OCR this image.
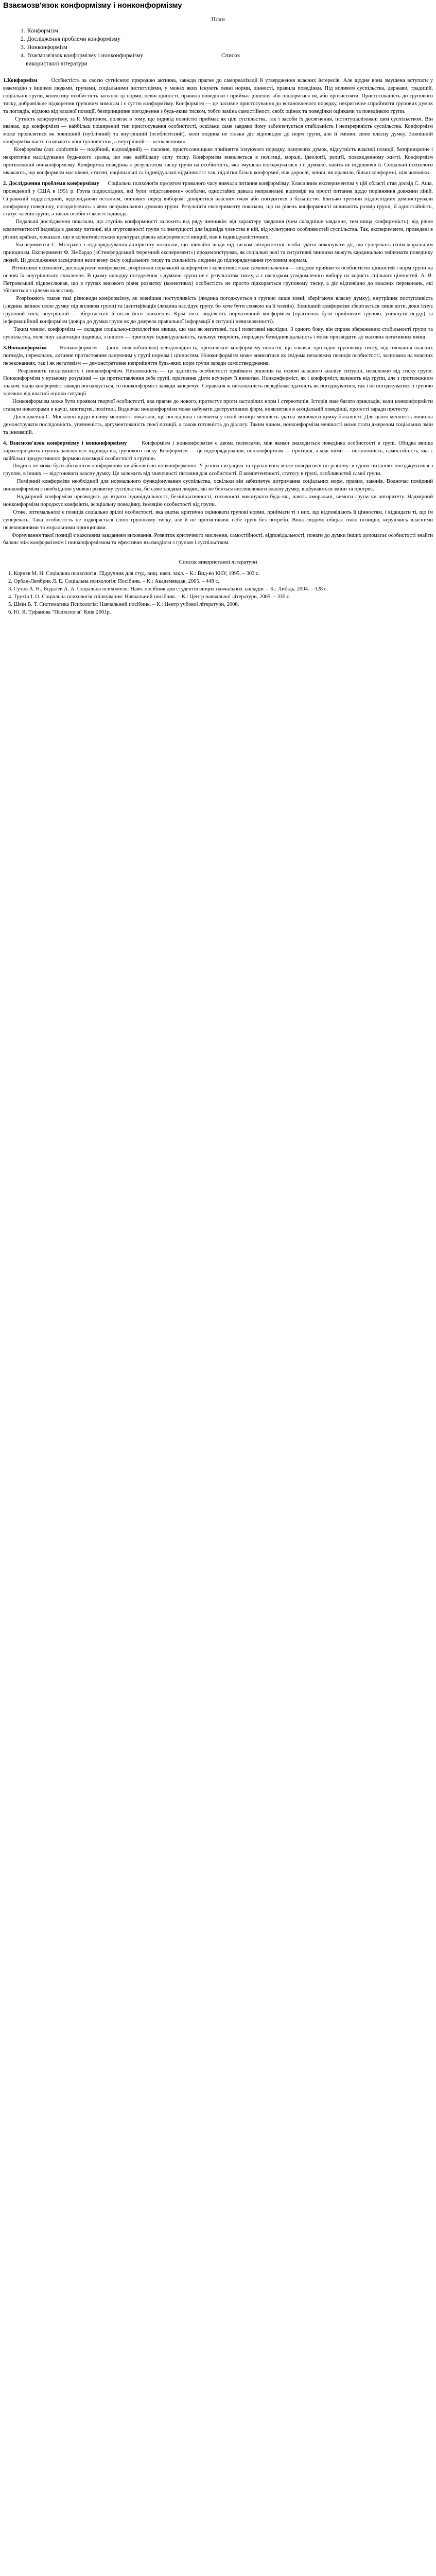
Взаємозв'язок конформізму і нонконформізму
План
1. Конформізм
2. Дослідження проблеми конформізму
3. Нонконформізм
4. Взаємозв'язок конформізму і нонконформізму	Список
використаної літератури

1.Конформізм	Особистість за своєю сутнісною природою активна, завжди прагне до самореалізації й утвердження власних інтересів. Але щодня вона змушена вступати у взаємодію з іншими людьми, групами, соціальними інституціями, у межах яких існують певні норми, цінності, правила поведінки. Під впливом суспільства, держави, традицій, соціальної групи, колективу особистість засвоює ці норми, певні цінності, правила поведінки і приймає рішення або підкорятися їм, або протистояти. Пристосованість до групового тиску, добровільне підкорення груповим вимогам і є суттю конформізму. Конформізм — це пасивне пристосування до встановленого порядку, некритичне сприйняття групових думок та поглядів, відмова від власної позиції, безпринципне погодження з будь-яким тиском, тобто заміна самостійності своїх оцінок та поведінки оцінками та поведінкою групи.

Сутність конформізму, за Р. Мертоном, полягає в тому, що індивід повністю приймає як цілі суспільства, так і засоби їх досягнення, інституціалізовані цим суспільством. Він вважає, що конформізм — найбільш поширений тип пристосування особистості, оскільки саме завдяки йому забезпечується стабільність і неперервність суспільства. Конформізм може проявлятися як зовнішній (публічний) та внутрішній (особистісний), коли людина не тільки діє відповідно до норм групи, але й змінює свою власну думку. Зовнішній конформізм часто називають «поступливістю», а внутрішній — «схваленням».

Конформізм (лат. conformis — подібний, відповідний) — пасивне, пристосовницьке прийняття існуючого порядку, пануючих думок, відсутність власної позиції, безпринципне і некритичне наслідування будь-якого зразка, що має найбільшу силу тиску. Конформізм виявляється в політиці, моралі, ідеології, релігії, повсякденному житті. Конформізм протилежний нонконформізму. Конформна поведінка є результатом тиску групи на особистість, яка змушена погоджуватися з її думкою, навіть не поділяючи її. Соціальні психологи вважають, що конформізм має вікові, статеві, національні та індивідуальні відмінності: так, підлітки більш конформні, ніж дорослі; жінки, як правило, більш конформні, ніж чоловіки.

2. Дослідження проблеми конформізму Соціальна психологія протягом тривалого часу вивчала питання конформізму. Класичним експериментом у цій області став досвід С. Аша, проведений у США в 1951 р. Група піддослідних, які були «підставними» особами, одностайно давала неправильні відповіді на прості питання щодо порівняння довжини ліній. Справжній піддослідний, відповідаючи останнім, опинявся перед вибором: довіритися власним очам або погодитися з більшістю. Близько третини піддослідних демонстрували конформну поведінку, погоджуючись з явно неправильною думкою групи. Результати експерименту показали, що на рівень конформності впливають розмір групи, її одностайність, статус членів групи, а також особисті якості індивіда.

Подальші дослідження показали, що ступінь конформності залежить від ряду чинників: від характеру завдання (чим складніше завдання, тим вища конформність), від рівня компетентності індивіда в даному питанні, від згуртованості групи та значущості для індивіда членства в ній, від культурних особливостей суспільства. Так, експерименти, проведені в різних країнах, показали, що в колективістських культурах рівень конформності вищий, ніж в індивідуалістичних.

Експерименти С. Мілграма з підпорядкування авторитету показали, що звичайні люди під тиском авторитетної особи здатні виконувати дії, що суперечать їхнім моральним принципам. Експеримент Ф. Зімбардо («Стенфордський тюремний експеримент») продемонстрував, як соціальні ролі та ситуативні чинники можуть кардинально змінювати поведінку людей. Ці дослідження засвідчили величезну силу соціального тиску та схильність людини до підпорядкування груповим нормам.

Вітчизняні психологи, досліджуючи конформізм, розрізняли справжній конформізм і колективістське самовизначення — свідоме прийняття особистістю цінностей і норм групи на основі їх внутрішнього схвалення. В цьому випадку погодження з думкою групи не є результатом тиску, а є наслідком усвідомленого вибору на користь спільних цінностей. А. В. Петровський підкреслював, що в групах високого рівня розвитку (колективах) особистість не просто підкоряється груповому тиску, а діє відповідно до власних переконань, які збігаються з цілями колективу.

Розрізняють також такі різновиди конформізму, як зовнішня поступливість (людина погоджується з групою лише зовні, зберігаючи власну думку), внутрішня поступливість (людина змінює свою думку під впливом групи) та ідентифікація (людина наслідує групу, бо хоче бути схожою на її членів). Зовнішній конформізм зберігається лише доти, доки існує груповий тиск; внутрішній — зберігається й після його зникнення. Крім того, виділяють нормативний конформізм (прагнення бути прийнятим групою, уникнути осуду) та інформаційний конформізм (довіра до думки групи як до джерела правильної інформації в ситуації невизначеності).

Таким чином, конформізм — складне соціально-психологічне явище, що має як негативні, так і позитивні наслідки. З одного боку, він сприяє збереженню стабільності групи та суспільства, полегшує адаптацію індивіда, з іншого — пригнічує індивідуальність, гальмує творчість, породжує безвідповідальність і може призводити до масових негативних явищ.

3.Нонконформізм Нонконформізм — (англ. nonconformism) невідповідність, протилежне конформізму поняття, що означає протидію груповому тиску, відстоювання власних поглядів, переконань, активне протистояння пануючим у групі нормам і цінностям. Нонконформізм може виявлятися як свідома незалежна позиція особистості, заснована на власних переконаннях, так і як негативізм — демонстративне неприйняття будь-яких норм групи заради самоствердження.

Розрізняють незалежність і нонконформізм. Незалежність — це здатність особистості приймати рішення на основі власного аналізу ситуації, незалежно від тиску групи. Нонконформізм у вузькому розумінні — це протиставлення себе групі, прагнення діяти всупереч її вимогам. Нонконформіст, як і конформіст, залежить від групи, але з протилежним знаком: якщо конформіст завжди погоджується, то нонконформіст завжди заперечує. Справжня ж незалежність передбачає здатність як погоджуватися, так і не погоджуватися з групою залежно від власної оцінки ситуації.

Нонконформізм може бути проявом творчої особистості, яка прагне до нового, протестує проти застарілих норм і стереотипів. Історія знає багато прикладів, коли нонконформісти ставали новаторами в науці, мистецтві, політиці. Водночас нонконформізм може набувати деструктивних форм, виявлятися в асоціальній поведінці, протесті заради протесту.

Дослідження С. Московічі щодо впливу меншості показали, що послідовна і впевнена у своїй позиції меншість здатна змінювати думку більшості. Для цього меншість повинна демонструвати послідовність, упевненість, аргументованість своєї позиції, а також готовність до діалогу. Таким чином, нонконформізм меншості може стати джерелом соціальних змін та інновацій.

4. Взаємозв'язок конформізму і нонконформізму	Конформізм і нонконформізм є двома полюсами, між якими знаходиться поведінка особистості в групі. Обидва явища характеризують ступінь залежності індивіда від групового тиску. Конформізм — це підпорядкування, нонконформізм — протидія, а між ними — незалежність, самостійність, яка є найбільш продуктивною формою взаємодії особистості з групою.

Людина не може бути абсолютно конформною чи абсолютно нонконформною. У різних ситуаціях та групах вона може поводитися по-різному: в одних питаннях погоджуватися з групою, в інших — відстоювати власну думку. Це залежить від значущості питання для особистості, її компетентності, статусу в групі, особливостей самої групи.

Помірний конформізм необхідний для нормального функціонування суспільства, оскільки він забезпечує дотримання соціальних норм, правил, законів. Водночас помірний нонконформізм є необхідною умовою розвитку суспільства, бо саме завдяки людям, які не бояться висловлювати власну думку, відбуваються зміни та прогрес.

Надмірний конформізм призводить до втрати індивідуальності, безініціативності, готовності виконувати будь-які, навіть аморальні, вимоги групи чи авторитету. Надмірний нонконформізм породжує конфлікти, асоціальну поведінку, ізоляцію особистості від групи.

Отже, оптимальною є позиція соціально зрілої особистості, яка здатна критично оцінювати групові норми, приймати ті з них, що відповідають її цінностям, і відкидати ті, що їм суперечать. Така особистість не підкоряється сліпо груповому тиску, але й не протиставляє себе групі без потреби. Вона свідомо обирає свою позицію, керуючись власними переконаннями та моральними принципами.

Формування такої позиції є важливим завданням виховання. Розвиток критичного мислення, самостійності, відповідальності, поваги до думки інших допомагає особистості знайти баланс між конформізмом і нонконформізмом та ефективно взаємодіяти з групою і суспільством.

Список використаної літератури
1. Корнєв М. Н. Соціальна психологія: Підручник для студ. вищ. навч. закл. – К.: Вид-во КНУ, 1995. – 303 с.
2. Орбан-Лембрик Л. Е. Соціальна психологія: Посібник. – К.: Академвидав, 2005. – 448 с.
3. Сухов А. Н., Бодалев А. А. Соціальна психологія: Навч. посібник для студентів вищих навчальних закладів. – К.: Либідь, 2004. – 328 с.
4. Трухін І. О. Соціальна психологія спілкування: Навчальний посібник. – К.: Центр навчальної літератури, 2005. – 335 с.
5. Шеїн В. Т. Систематика Психологія: Навчальний посібник. – К.: Центр учбової літератури, 2006.
6. Ю. Я. Туфанова "Психологія" Київ 2001р.
